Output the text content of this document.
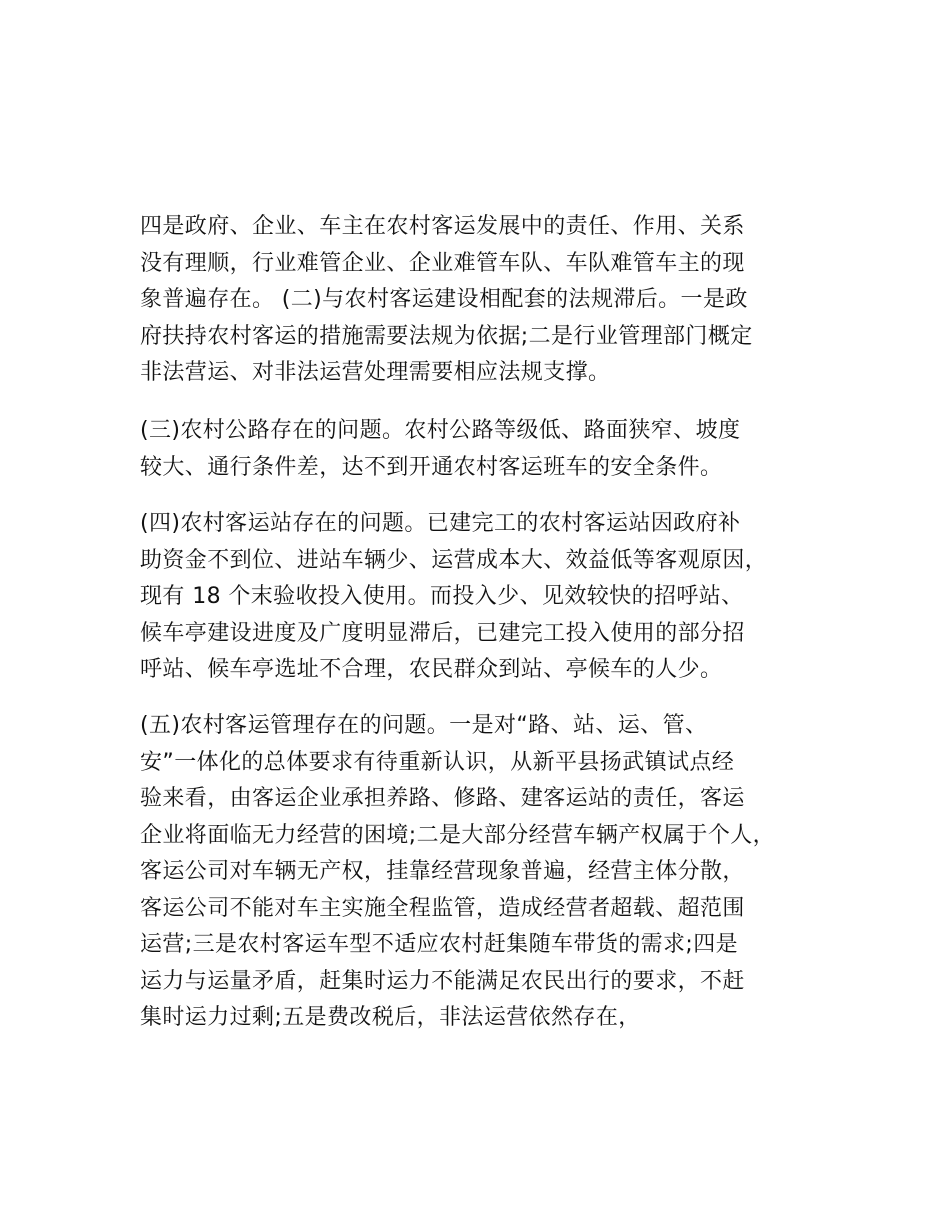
四是政府、企业、车主在农村客运发展中的责任、作用、关系
没有理顺，行业难管企业、企业难管车队、车队难管车主的现
象普遍存在。 (二)与农村客运建设相配套的法规滞后。一是政
府扶持农村客运的措施需要法规为依据;二是行业管理部门概定
非法营运、对非法运营处理需要相应法规支撑。
(三)农村公路存在的问题。农村公路等级低、路面狭窄、坡度
较大、通行条件差，达不到开通农村客运班车的安全条件。
(四)农村客运站存在的问题。已建完工的农村客运站因政府补
助资金不到位、进站车辆少、运营成本大、效益低等客观原因，
现有 18 个末验收投入使用。而投入少、见效较快的招呼站、
候车亭建设进度及广度明显滞后，已建完工投入使用的部分招
呼站、候车亭选址不合理，农民群众到站、亭候车的人少。
(五)农村客运管理存在的问题。一是对“路、站、运、管、
安”一体化的总体要求有待重新认识，从新平县扬武镇试点经
验来看，由客运企业承担养路、修路、建客运站的责任，客运
企业将面临无力经营的困境;二是大部分经营车辆产权属于个人，
客运公司对车辆无产权，挂靠经营现象普遍，经营主体分散，
客运公司不能对车主实施全程监管，造成经营者超载、超范围
运营;三是农村客运车型不适应农村赶集随车带货的需求;四是
运力与运量矛盾，赶集时运力不能满足农民出行的要求，不赶
集时运力过剩;五是费改税后，非法运营依然存在，
